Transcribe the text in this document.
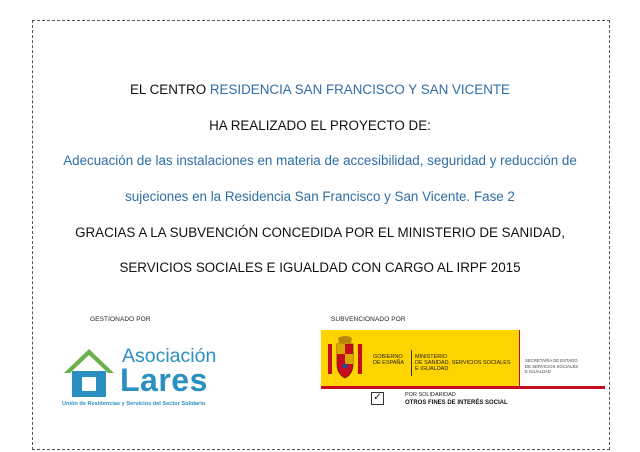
EL CENTRO RESIDENCIA SAN FRANCISCO Y SAN VICENTE
HA REALIZADO EL PROYECTO DE:
Adecuación de las instalaciones en materia de accesibilidad, seguridad y reducción de
sujeciones en la Residencia San Francisco y San Vicente. Fase 2
GRACIAS A LA SUBVENCIÓN CONCEDIDA POR EL MINISTERIO DE SANIDAD,
SERVICIOS SOCIALES E IGUALDAD CON CARGO AL IRPF 2015
GESTIONADO POR	SUBVENCIONADO POR
Asociación
Lares
Unión de Residencias y Servicios del Sector Solidario
GOBIERNO
DE ESPAÑA
MINISTERIO
DE SANIDAD, SERVICIOS SOCIALES
E IGUALDAD
SECRETARÍA DE ESTADO
DE SERVICIOS SOCIALES
E IGUALDAD
✓	POR SOLIDARIDAD
OTROS FINES DE INTERÉS SOCIAL
